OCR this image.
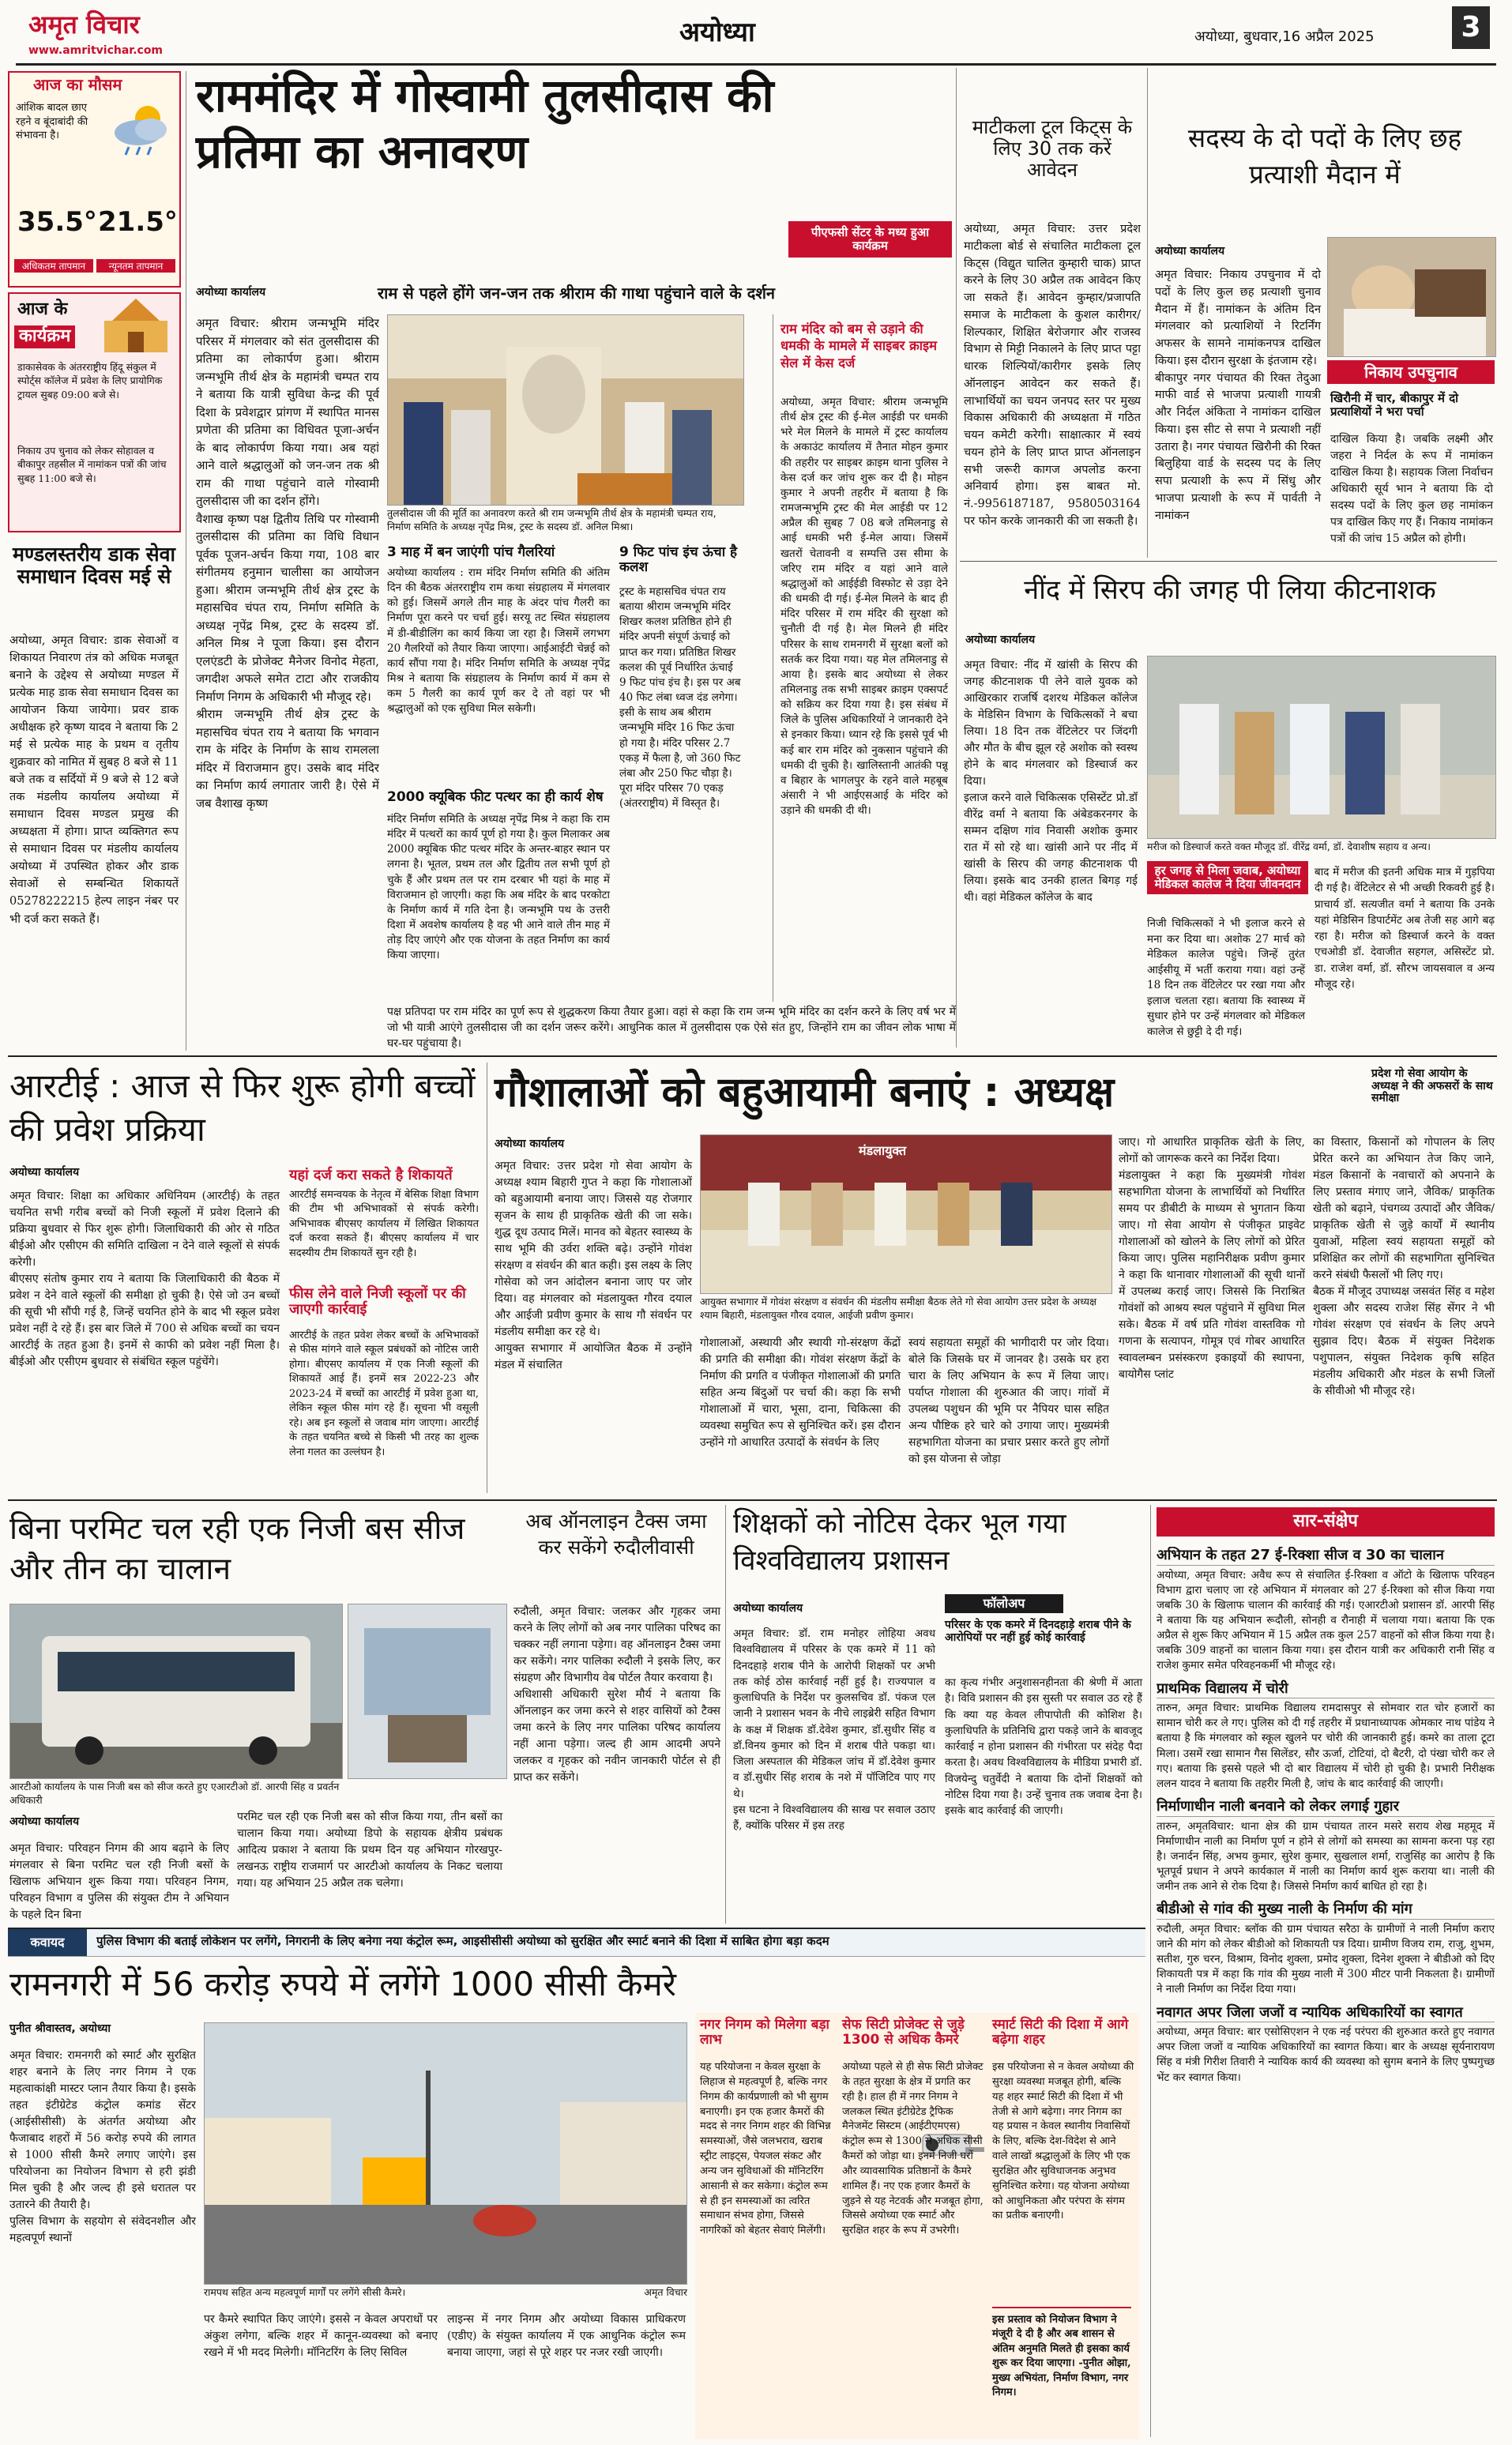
अमृत विचार
www.amritvichar.com
अयोध्या	अयोध्या, बुधवार,16 अप्रैल 2025	3
आज का मौसम
आंशिक बादल छाए रहने व बूंदाबांदी की संभावना है।
35.5° 21.5°
अधिकतम तापमान	न्यूनतम तापमान
आज के
कार्यक्रम
डाकासेवक के अंतरराष्ट्रीय हिंदू संकुल में स्पोर्ट्स कॉलेज में प्रवेश के लिए प्रायोगिक ट्रायल सुबह 09:00 बजे से।
निकाय उप चुनाव को लेकर सोहावल व बीकापुर तहसील में नामांकन पत्रों की जांच सुबह 11:00 बजे से।
मण्डलस्तरीय डाक सेवा समाधान दिवस मई से
अयोध्या, अमृत विचार: डाक सेवाओं व शिकायत निवारण तंत्र को अधिक मजबूत बनाने के उद्देश्य से अयोध्या मण्डल में प्रत्येक माह डाक सेवा समाधान दिवस का आयोजन किया जायेगा। प्रवर डाक अधीक्षक हरे कृष्ण यादव ने बताया कि 2 मई से प्रत्येक माह के प्रथम व तृतीय शुक्रवार को नामित में सुबह 8 बजे से 11 बजे तक व सर्दियों में 9 बजे से 12 बजे तक मंडलीय कार्यालय अयोध्या में समाधान दिवस मण्डल प्रमुख की अध्यक्षता में होगा। प्राप्त व्यक्तिगत रूप से समाधान दिवस पर मंडलीय कार्यालय अयोध्या में उपस्थित होकर और डाक सेवाओं से सम्बन्धित शिकायतें 05278222215 हेल्प लाइन नंबर पर भी दर्ज करा सकते हैं।
राममंदिर में गोस्वामी तुलसीदास की प्रतिमा का अनावरण
पीएफसी सेंटर के मध्य हुआ कार्यक्रम
अयोध्या कार्यालय	राम से पहले होंगे जन-जन तक श्रीराम की गाथा पहुंचाने वाले के दर्शन
अमृत विचार: श्रीराम जन्मभूमि मंदिर परिसर में मंगलवार को संत तुलसीदास की प्रतिमा का लोकार्पण हुआ। श्रीराम जन्मभूमि तीर्थ क्षेत्र के महामंत्री चम्पत राय ने बताया कि यात्री सुविधा केन्द्र की पूर्व दिशा के प्रवेशद्वार प्रांगण में स्थापित मानस प्रणेता की प्रतिमा का विधिवत पूजा-अर्चन के बाद लोकार्पण किया गया। अब यहां आने वाले श्रद्धालुओं को जन-जन तक श्री राम की गाथा पहुंचाने वाले गोस्वामी तुलसीदास जी का दर्शन होंगे।
वैशाख कृष्ण पक्ष द्वितीय तिथि पर गोस्वामी तुलसीदास की प्रतिमा का विधि विधान पूर्वक पूजन-अर्चन किया गया, 108 बार संगीतमय हनुमान चालीसा का आयोजन हुआ। श्रीराम जन्मभूमि तीर्थ क्षेत्र ट्रस्ट के महासचिव चंपत राय, निर्माण समिति के अध्यक्ष नृपेंद्र मिश्र, ट्रस्ट के सदस्य डॉ. अनिल मिश्र ने पूजा किया। इस दौरान एलएंडटी के प्रोजेक्ट मैनेजर विनोद मेहता, जगदीश अफले समेत टाटा और राजकीय निर्माण निगम के अधिकारी भी मौजूद रहे।
श्रीराम जन्मभूमि तीर्थ क्षेत्र ट्रस्ट के महासचिव चंपत राय ने बताया कि भगवान राम के मंदिर के निर्माण के साथ रामलला मंदिर में विराजमान हुए। उसके बाद मंदिर का निर्माण कार्य लगातार जारी है। ऐसे में जब वैशाख कृष्ण
तुलसीदास जी की मूर्ति का अनावरण करते श्री राम जन्मभूमि तीर्थ क्षेत्र के महामंत्री चम्पत राय, निर्माण समिति के अध्यक्ष नृपेंद्र मिश्र, ट्रस्ट के सदस्य डॉ. अनिल मिश्रा।
3 माह में बन जाएंगी पांच गैलरियां
अयोध्या कार्यालय : राम मंदिर निर्माण समिति की अंतिम दिन की बैठक अंतरराष्ट्रीय राम कथा संग्रहालय में मंगलवार को हुई। जिसमें अगले तीन माह के अंदर पांच गैलरी का निर्माण पूरा करने पर चर्चा हुई। सरयू तट स्थित संग्रहालय में डी-बीडीलिंग का कार्य किया जा रहा है। जिसमें लगभग 20 गैलरियों को तैयार किया जाएगा। आईआईटी चेन्नई को कार्य सौंपा गया है। मंदिर निर्माण समिति के अध्यक्ष नृपेंद्र मिश्र ने बताया कि संग्रहालय के निर्माण कार्य में कम से कम 5 गैलरी का कार्य पूर्ण कर दे तो वहां पर भी श्रद्धालुओं को एक सुविधा मिल सकेगी।
2000 क्यूबिक फीट पत्थर का ही कार्य शेष
मंदिर निर्माण समिति के अध्यक्ष नृपेंद्र मिश्र ने कहा कि राम मंदिर में पत्थरों का कार्य पूर्ण हो गया है। कुल मिलाकर अब 2000 क्यूबिक फीट पत्थर मंदिर के अन्तर-बाहर स्थान पर लगना है। भूतल, प्रथम तल और द्वितीय तल सभी पूर्ण हो चुके हैं और प्रथम तल पर राम दरबार भी यहां के माह में विराजमान हो जाएगी। कहा कि अब मंदिर के बाद परकोटा के निर्माण कार्य में गति देना है। जन्मभूमि पथ के उत्तरी दिशा में अवशेष कार्यालय है वह भी आने वाले तीन माह में तोड़ दिए जाएंगे और एक योजना के तहत निर्माण का कार्य किया जाएगा।
9 फिट पांच इंच ऊंचा है कलश
ट्रस्ट के महासचिव चंपत राय बताया श्रीराम जन्मभूमि मंदिर शिखर कलश प्रतिष्ठित होने ही मंदिर अपनी संपूर्ण ऊंचाई को प्राप्त कर गया। प्रतिष्ठित शिखर कलश की पूर्व निर्धारित ऊंचाई 9 फिट पांच इंच है। इस पर अब 40 फिट लंबा ध्वज दंड लगेगा। इसी के साथ अब श्रीराम जन्मभूमि मंदिर 16 फिट ऊंचा हो गया है। मंदिर परिसर 2.7 एकड़ में फैला है, जो 360 फिट लंबा और 250 फिट चौड़ा है। पूरा मंदिर परिसर 70 एकड़ (अंतरराष्ट्रीय) में विस्तृत है।
पक्ष प्रतिपदा पर राम मंदिर का पूर्ण रूप से शुद्धकरण किया तैयार हुआ। वहां से कहा कि राम जन्म भूमि मंदिर का दर्शन करने के लिए वर्ष भर में जो भी यात्री आएंगे तुलसीदास जी का दर्शन जरूर करेंगे। आधुनिक काल में तुलसीदास एक ऐसे संत हुए, जिन्होंने राम का जीवन लोक भाषा में घर-घर पहुंचाया है।
राम मंदिर को बम से उड़ाने की धमकी के मामले में साइबर क्राइम सेल में केस दर्ज
अयोध्या, अमृत विचार: श्रीराम जन्मभूमि तीर्थ क्षेत्र ट्रस्ट की ई-मेल आईडी पर धमकी भरे मेल मिलने के मामले में ट्रस्ट कार्यालय के अकाउंट कार्यालय में तैनात मोहन कुमार की तहरीर पर साइबर क्राइम थाना पुलिस ने केस दर्ज कर जांच शुरू कर दी है। मोहन कुमार ने अपनी तहरीर में बताया है कि रामजन्मभूमि ट्रस्ट की मेल आईडी पर 12 अप्रैल की सुबह 7 08 बजे तमिलनाडु से आई धमकी भरी ई-मेल आया। जिसमें खतरों चेतावनी व सम्पत्ति उस सीमा के जरिए राम मंदिर व यहां आने वाले श्रद्धालुओं को आईईडी विस्फोट से उड़ा देने की धमकी दी गई। ई-मेल मिलने के बाद ही मंदिर परिसर में राम मंदिर की सुरक्षा को चुनौती दी गई है। मेल मिलने ही मंदिर परिसर के साथ रामनगरी में सुरक्षा बलों को सतर्क कर दिया गया। यह मेल तमिलनाडु से आया है। इसके बाद अयोध्या से लेकर तमिलनाडु तक सभी साइबर क्राइम एक्सपर्ट को सक्रिय कर दिया गया है। इस संबंध में जिले के पुलिस अधिकारियों ने जानकारी देने से इनकार किया। ध्यान रहे कि इससे पूर्व भी कई बार राम मंदिर को नुकसान पहुंचाने की धमकी दी चुकी है। खालिस्तानी आतंकी पन्नू व बिहार के भागलपुर के रहने वाले महबूब अंसारी ने भी आईएसआई के मंदिर को उड़ाने की धमकी दी थी।
माटीकला टूल किट्स के लिए 30 तक करें आवेदन
अयोध्या, अमृत विचार: उत्तर प्रदेश माटीकला बोर्ड से संचालित माटीकला टूल किट्स (विद्युत चालित कुम्हारी चाक) प्राप्त करने के लिए 30 अप्रैल तक आवेदन किए जा सकते हैं। आवेदन कुम्हार/प्रजापति समाज के माटीकला के कुशल कारीगर/शिल्पकार, शिक्षित बेरोजगार और राजस्व विभाग से मिट्टी निकालने के लिए प्राप्त पट्टा धारक शिल्पियों/कारीगर इसके लिए ऑनलाइन आवेदन कर सकते हैं। लाभार्थियों का चयन जनपद स्तर पर मुख्य विकास अधिकारी की अध्यक्षता में गठित चयन कमेटी करेगी। साक्षात्कार में स्वयं चयन होने के लिए प्राप्त प्राप्त ऑनलाइन सभी जरूरी कागज अपलोड करना अनिवार्य होगा। इस बाबत मो. नं.-9956187187, 9580503164 पर फोन करके जानकारी की जा सकती है।
सदस्य के दो पदों के लिए छह प्रत्याशी मैदान में
अयोध्या कार्यालय
अमृत विचार: निकाय उपचुनाव में दो पदों के लिए कुल छह प्रत्याशी चुनाव मैदान में हैं। नामांकन के अंतिम दिन मंगलवार को प्रत्याशियों ने रिटर्निंग अफसर के सामने नामांकनपत्र दाखिल किया। इस दौरान सुरक्षा के इंतजाम रहे।
बीकापुर नगर पंचायत की रिक्त तेदुआ माफी वार्ड से भाजपा प्रत्याशी गायत्री और निर्दल अंकिता ने नामांकन दाखिल किया। इस सीट से सपा ने प्रत्याशी नहीं उतारा है। नगर पंचायत खिरौनी की रिक्त बिलुहिया वार्ड के सदस्य पद के लिए सपा प्रत्याशी के रूप में सिंधु और भाजपा प्रत्याशी के रूप में पार्वती ने नामांकन
निकाय उपचुनाव
खिरौनी में चार, बीकापुर में दो प्रत्याशियों ने भरा पर्चा
दाखिल किया है। जबकि लक्ष्मी और जहरा ने निर्दल के रूप में नामांकन दाखिल किया है। सहायक जिला निर्वाचन अधिकारी सूर्य भान ने बताया कि दो सदस्य पदों के लिए कुल छह नामांकन पत्र दाखिल किए गए हैं। निकाय नामांकन पत्रों की जांच 15 अप्रैल को होगी।
नींद में सिरप की जगह पी लिया कीटनाशक
अयोध्या कार्यालय
अमृत विचार: नींद में खांसी के सिरप की जगह कीटनाशक पी लेने वाले युवक को आखिरकार राजर्षि दशरथ मेडिकल कॉलेज के मेडिसिन विभाग के चिकित्सकों ने बचा लिया। 18 दिन तक वेंटिलेटर पर जिंदगी और मौत के बीच झूल रहे अशोक को स्वस्थ होने के बाद मंगलवार को डिस्चार्ज कर दिया।
इलाज करने वाले चिकित्सक एसिस्टेंट प्रो.डॉ वीरेंद्र वर्मा ने बताया कि अंबेडकरनगर के सम्मन दक्षिण गांव निवासी अशोक कुमार रात में सो रहे था। खांसी आने पर नींद में खांसी के सिरप की जगह कीटनाशक पी लिया। इसके बाद उनकी हालत बिगड़ गई थी। वहां मेडिकल कॉलेज के बाद
मरीज को डिस्चार्ज करते वक्त मौजूद डॉ. वीरेंद्र वर्मा, डॉ. देवाशीष सहाय व अन्य।
हर जगह से मिला जवाब, अयोध्या मेडिकल कालेज ने दिया जीवनदान
निजी चिकित्सकों ने भी इलाज करने से मना कर दिया था। अशोक 27 मार्च को मेडिकल कालेज पहुंचे। जिन्हें तुरंत आईसीयू में भर्ती कराया गया। वहां उन्हें 18 दिन तक वेंटिलेटर पर रखा गया और इलाज चलता रहा। बताया कि स्वास्थ्य में सुधार होने पर उन्हें मंगलवार को मेडिकल कालेज से छुट्टी दे दी गई।
बाद में मरीज की इतनी अधिक मात्र में गुड़पिया दी गई है। वेंटिलेटर से भी अच्छी रिकवरी हुई है। प्राचार्य डॉ. सत्यजीत वर्मा ने बताया कि उनके यहां मेडिसिन डिपार्टमेंट अब तेजी सह आगे बढ़ रहा है। मरीज को डिस्चार्ज करने के वक्त एचओडी डॉ. देवाजीत सहगल, असिस्टेंट प्रो. डा. राजेश वर्मा, डॉ. सौरभ जायसवाल व अन्य मौजूद रहे।
आरटीई : आज से फिर शुरू होगी बच्चों की प्रवेश प्रक्रिया
अयोध्या कार्यालय
अमृत विचार: शिक्षा का अधिकार अधिनियम (आरटीई) के तहत चयनित सभी गरीब बच्चों को निजी स्कूलों में प्रवेश दिलाने की प्रक्रिया बुधवार से फिर शुरू होगी। जिलाधिकारी की ओर से गठित बीईओ और एसीएम की समिति दाखिला न देने वाले स्कूलों से संपर्क करेगी।
बीएसए संतोष कुमार राय ने बताया कि जिलाधिकारी की बैठक में प्रवेश न देने वाले स्कूलों की समीक्षा हो चुकी है। ऐसे जो उन बच्चों की सूची भी सौंपी गई है, जिन्हें चयनित होने के बाद भी स्कूल प्रवेश प्रवेश नहीं दे रहे हैं। इस बार जिले में 700 से अधिक बच्चों का चयन आरटीई के तहत हुआ है। इनमें से काफी को प्रवेश नहीं मिला है। बीईओ और एसीएम बुधवार से संबंधित स्कूल पहुंचेंगे।
यहां दर्ज करा सकते है शिकायतें
आरटीई समन्वयक के नेतृत्व में बेसिक शिक्षा विभाग की टीम भी अभिभावकों से संपर्क करेगी। अभिभावक बीएसए कार्यालय में लिखित शिकायत दर्ज करवा सकते हैं। बीएसए कार्यालय में चार सदस्यीय टीम शिकायतें सुन रही है।
फीस लेने वाले निजी स्कूलों पर की जाएगी कार्रवाई
आरटीई के तहत प्रवेश लेकर बच्चों के अभिभावकों से फीस मांगने वाले स्कूल प्रबंधकों को नोटिस जारी होगा। बीएसए कार्यालय में एक निजी स्कूलों की शिकायतें आई हैं। इनमें सत्र 2022-23 और 2023-24 में बच्चों का आरटीई में प्रवेश हुआ था, लेकिन स्कूल फीस मांग रहे हैं। सूचना भी वसूली रहे। अब इन स्कूलों से जवाब मांग जाएगा। आरटीई के तहत चयनित बच्चे से किसी भी तरह का शुल्क लेना गलत का उल्लंघन है।
गौशालाओं को बहुआयामी बनाएं : अध्यक्ष	प्रदेश गो सेवा आयोग के अध्यक्ष ने की अफसरों के साथ समीक्षा
अयोध्या कार्यालय
अमृत विचार: उत्तर प्रदेश गो सेवा आयोग के अध्यक्ष श्याम बिहारी गुप्त ने कहा कि गोशालाओं को बहुआयामी बनाया जाए। जिससे यह रोजगार सृजन के साथ ही प्राकृतिक खेती की जा सके। शुद्ध दूध उत्पाद मिलें। मानव को बेहतर स्वास्थ्य के साथ भूमि की उर्वरा शक्ति बढ़े। उन्होंने गोवंश संरक्षण व संवर्धन की बात कही। इस लक्ष्य के लिए गोसेवा को जन आंदोलन बनाना जाए पर जोर दिया। वह मंगलवार को मंडलायुक्त गौरव दयाल और आईजी प्रवीण कुमार के साथ गौ संवर्धन पर मंडलीय समीक्षा कर रहे थे।
आयुक्त सभागार में आयोजित बैठक में उन्होंने मंडल में संचालित
मंडलायुक्त
आयुक्त सभागार में गोवंश संरक्षण व संवर्धन की मंडलीय समीक्षा बैठक लेते गो सेवा आयोग उत्तर प्रदेश के अध्यक्ष श्याम बिहारी, मंडलायुक्त गौरव दयाल, आईजी प्रवीण कुमार।
गोशालाओं, अस्थायी और स्थायी गो-संरक्षण केंद्रों की प्रगति की समीक्षा की। गोवंश संरक्षण केंद्रों के निर्माण की प्रगति व पंजीकृत गोशालाओं की प्रगति सहित अन्य बिंदुओं पर चर्चा की। कहा कि सभी गोशालाओं में चारा, भूसा, दाना, चिकित्सा की व्यवस्था समुचित रूप से सुनिश्चित करें। इस दौरान उन्होंने गो आधारित उत्पादों के संवर्धन के लिए
स्वयं सहायता समूहों की भागीदारी पर जोर दिया। बोले कि जिसके घर में जानवर है। उसके घर हरा चारा के लिए अभियान के रूप में लिया जाए। पर्याप्त गोशाला की शुरुआत की जाए। गांवों में उपलब्ध पशुधन की भूमि पर नैपियर घास सहित अन्य पौष्टिक हरे चारे को उगाया जाए। मुख्यमंत्री सहभागिता योजना का प्रचार प्रसार करते हुए लोगों को इस योजना से जोड़ा
जाए। गो आधारित प्राकृतिक खेती के लिए, लोगों को जागरूक करने का निर्देश दिया।
मंडलायुक्त ने कहा कि मुख्यमंत्री गोवंश सहभागिता योजना के लाभार्थियों को निर्धारित समय पर डीबीटी के माध्यम से भुगतान किया जाए। गो सेवा आयोग से पंजीकृत प्राइवेट गोशालाओं को खोलने के लिए लोगों को प्रेरित किया जाए। पुलिस महानिरीक्षक प्रवीण कुमार ने कहा कि थानावार गोशालाओं की सूची थानों में उपलब्ध कराई जाए। जिससे कि निराश्रित गोवंशों को आश्रय स्थल पहुंचाने में सुविधा मिल सके। बैठक में वर्ष प्रति गोवंश वास्तविक गो गणना के सत्यापन, गोमूत्र एवं गोबर आधारित स्वावलम्बन प्रसंस्करण इकाइयों की स्थापना, बायोगैस प्लांट
का विस्तार, किसानों को गोपालन के लिए प्रेरित करने का अभियान तेज किए जाने, मंडल किसानों के नवाचारों को अपनाने के लिए प्रस्ताव मंगाए जाने, जैविक/ प्राकृतिक खेती को बढ़ाने, पंचगव्य उत्पादों और जैविक/प्राकृतिक खेती से जुड़े कार्यों में स्थानीय युवाओं, महिला स्वयं सहायता समूहों को प्रशिक्षित कर लोगों की सहभागिता सुनिश्चित करने संबंधी फैसलों भी लिए गए।
बैठक में मौजूद उपाध्यक्ष जसवंत सिंह व महेश शुक्ला और सदस्य राजेश सिंह सेंगर ने भी गोवंश संरक्षण एवं संवर्धन के लिए अपने सुझाव दिए। बैठक में संयुक्त निदेशक पशुपालन, संयुक्त निदेशक कृषि सहित मंडलीय अधिकारी और मंडल के सभी जिलों के सीवीओ भी मौजूद रहे।
बिना परमिट चल रही एक निजी बस सीज और तीन का चालान
आरटीओ कार्यालय के पास निजी बस को सीज करते हुए एआरटीओ डॉ. आरपी सिंह व प्रवर्तन अधिकारी
अयोध्या कार्यालय
अमृत विचार: परिवहन निगम की आय बढ़ाने के लिए मंगलवार से बिना परमिट चल रही निजी बसों के खिलाफ अभियान शुरू किया गया। परिवहन निगम, परिवहन विभाग व पुलिस की संयुक्त टीम ने अभियान के पहले दिन बिना
परमिट चल रही एक निजी बस को सीज किया गया, तीन बसों का चालान किया गया। अयोध्या डिपो के सहायक क्षेत्रीय प्रबंधक आदित्य प्रकाश ने बताया कि प्रथम दिन यह अभियान गोरखपुर-लखनऊ राष्ट्रीय राजमार्ग पर आरटीओ कार्यालय के निकट चलाया गया। यह अभियान 25 अप्रैल तक चलेगा।
अब ऑनलाइन टैक्स जमा कर सकेंगे रुदौलीवासी
रुदौली, अमृत विचार: जलकर और गृहकर जमा करने के लिए लोगों को अब नगर पालिका परिषद का चक्कर नहीं लगाना पड़ेगा। वह ऑनलाइन टैक्स जमा कर सकेंगे। नगर पालिका रुदौली ने इसके लिए, कर संग्रहण और विभागीय वेब पोर्टल तैयार करवाया है।
अधिशासी अधिकारी सुरेश मौर्य ने बताया कि ऑनलाइन कर जमा करने से शहर वासियों को टैक्स जमा करने के लिए नगर पालिका परिषद कार्यालय नहीं आना पड़ेगा। जल्द ही आम आदमी अपने जलकर व गृहकर को नवीन जानकारी पोर्टल से ही प्राप्त कर सकेंगे।
शिक्षकों को नोटिस देकर भूल गया विश्वविद्यालय प्रशासन
अयोध्या कार्यालय	फॉलोअप
परिसर के एक कमरे में दिनदहाड़े शराब पीने के आरोपियों पर नहीं हुई कोई कार्रवाई
अमृत विचार: डॉ. राम मनोहर लोहिया अवध विश्वविद्यालय में परिसर के एक कमरे में 11 को दिनदहाड़े शराब पीने के आरोपी शिक्षकों पर अभी तक कोई ठोस कार्रवाई नहीं हुई है। राज्यपाल व कुलाधिपति के निर्देश पर कुलसचिव डॉ. पंकज एल जानी ने प्रशासन भवन के नीचे लाइब्रेरी सहित विभाग के कक्ष में शिक्षक डॉ.देवेश कुमार, डॉ.सुधीर सिंह व डॉ.विनय कुमार को दिन में शराब पीते पकड़ा था। जिला अस्पताल की मेडिकल जांच में डॉ.देवेश कुमार व डॉ.सुधीर सिंह शराब के नशे में पॉजिटिव पाए गए थे।
इस घटना ने विश्वविद्यालय की साख पर सवाल उठाए हैं, क्योंकि परिसर में इस तरह
का कृत्य गंभीर अनुशासनहीनता की श्रेणी में आता है। विवि प्रशासन की इस सुस्ती पर सवाल उठ रहे हैं कि क्या यह केवल लीपापोती की कोशिश है। कुलाधिपति के प्रतिनिधि द्वारा पकड़े जाने के बावजूद कार्रवाई न होना प्रशासन की गंभीरता पर संदेह पैदा करता है। अवध विश्वविद्यालय के मीडिया प्रभारी डॉ. विजयेन्दु चतुर्वेदी ने बताया कि दोनों शिक्षकों को नोटिस दिया गया है। उन्हें चुनाव तक जवाब देना है। इसके बाद कार्रवाई की जाएगी।
सार-संक्षेप
अभियान के तहत 27 ई-रिक्शा सीज व 30 का चालान
अयोध्या, अमृत विचार: अवैध रूप से संचालित ई-रिक्शा व ऑटो के खिलाफ परिवहन विभाग द्वारा चलाए जा रहे अभियान में मंगलवार को 27 ई-रिक्शा को सीज किया गया जबकि 30 के खिलाफ चालान की कार्रवाई की गई। एआरटीओ प्रशासन डॉ. आरपी सिंह ने बताया कि यह अभियान रूदौली, सोनही व रौनाही में चलाया गया। बताया कि एक अप्रैल से शुरू किए अभियान में 15 अप्रैल तक कुल 257 वाहनों को सीज किया गया है। जबकि 309 वाहनों का चालान किया गया। इस दौरान यात्री कर अधिकारी रानी सिंह व राजेश कुमार समेत परिवहनकर्मी भी मौजूद रहे।
प्राथमिक विद्यालय में चोरी
तारुन, अमृत विचार: प्राथमिक विद्यालय रामदासपुर से सोमवार रात चोर हजारों का सामान चोरी कर ले गए। पुलिस को दी गई तहरीर में प्रधानाध्यापक ओमकार नाथ पांडेय ने बताया है कि मंगलवार को स्कूल खुलने पर चोरी की जानकारी हुई। कमरे का ताला टूटा मिला। उसमें रखा सामान गैस सिलेंडर, सौर ऊर्जा, टोटियां, दो बैटरी, दो पंखा चोरी कर ले गए। बताया कि इससे पहले भी दो बार विद्यालय में चोरी हो चुकी है। प्रभारी निरीक्षक ललन यादव ने बताया कि तहरीर मिली है, जांच के बाद कार्रवाई की जाएगी।
निर्माणाधीन नाली बनवाने को लेकर लगाई गुहार
तारुन, अमृतविचार: थाना क्षेत्र की ग्राम पंचायत तारन मसरे सराय शेख महमूद में निर्माणाधीन नाली का निर्माण पूर्ण न होने से लोगों को समस्या का सामना करना पड़ रहा है। जनार्दन सिंह, अभय कुमार, सुरेश कुमार, सुखलाल शर्मा, राजुसिंह का आरोप है कि भूतपूर्व प्रधान ने अपने कार्यकाल में नाली का निर्माण कार्य शुरू कराया था। नाली की जमीन तक आने से रोक दिया है। जिससे निर्माण कार्य बाधित हो रहा है।
बीडीओ से गांव की मुख्य नाली के निर्माण की मांग
रुदौली, अमृत विचार: ब्लॉक की ग्राम पंचायत सरैठा के ग्रामीणों ने नाली निर्माण कराए जाने की मांग को लेकर बीडीओ को शिकायती पत्र दिया। ग्रामीण विजय राम, राजु, शुभम, सतीश, गुरु चरन, विश्राम, विनोद शुक्ला, प्रमोद शुक्ला, दिनेश शुक्ला ने बीडीओ को दिए शिकायती पत्र में कहा कि गांव की मुख्य नाली में 300 मीटर पानी निकलता है। ग्रामीणों ने नाली निर्माण का निर्देश दिया गया।
नवागत अपर जिला जजों व न्यायिक अधिकारियों का स्वागत
अयोध्या, अमृत विचार: बार एसोसिएशन ने एक नई परंपरा की शुरुआत करते हुए नवागत अपर जिला जजों व न्यायिक अधिकारियों का स्वागत किया। बार के अध्यक्ष सूर्यनारायण सिंह व मंत्री गिरीश तिवारी ने न्यायिक कार्य की व्यवस्था को सुगम बनाने के लिए पुष्पगुच्छ भेंट कर स्वागत किया।
कवायद	पुलिस विभाग की बताई लोकेशन पर लगेंगे, निगरानी के लिए बनेगा नया कंट्रोल रूम, आइसीसीसी अयोध्या को सुरक्षित और स्मार्ट बनाने की दिशा में साबित होगा बड़ा कदम
रामनगरी में 56 करोड़ रुपये में लगेंगे 1000 सीसी कैमरे
पुनीत श्रीवास्तव, अयोध्या
अमृत विचार: रामनगरी को स्मार्ट और सुरक्षित शहर बनाने के लिए नगर निगम ने एक महत्वाकांक्षी मास्टर प्लान तैयार किया है। इसके तहत इंटीग्रेटेड कंट्रोल कमांड सेंटर (आईसीसीसी) के अंतर्गत अयोध्या और फैजाबाद शहरों में 56 करोड़ रुपये की लागत से 1000 सीसी कैमरे लगाए जाएंगे। इस परियोजना का नियोजन विभाग से हरी झंडी मिल चुकी है और जल्द ही इसे धरातल पर उतारने की तैयारी है।
पुलिस विभाग के सहयोग से संवेदनशील और महत्वपूर्ण स्थानों
रामपथ सहित अन्य महत्वपूर्ण मार्गों पर लगेंगे सीसी कैमरे।	अमृत विचार
पर कैमरे स्थापित किए जाएंगे। इससे न केवल अपराधों पर अंकुश लगेगा, बल्कि शहर में कानून-व्यवस्था को बनाए रखने में भी मदद मिलेगी। मॉनिटरिंग के लिए सिविल
लाइन्स में नगर निगम और अयोध्या विकास प्राधिकरण (एडीए) के संयुक्त कार्यालय में एक आधुनिक कंट्रोल रूम बनाया जाएगा, जहां से पूरे शहर पर नजर रखी जाएगी।
नगर निगम को मिलेगा बड़ा लाभ
यह परियोजना न केवल सुरक्षा के लिहाज से महत्वपूर्ण है, बल्कि नगर निगम की कार्यप्रणाली को भी सुगम बनाएगी। इन एक हजार कैमरों की मदद से नगर निगम शहर की विभिन्न समस्याओं, जैसे जलभराव, खराब स्ट्रीट लाइट्स, पेयजल संकट और अन्य जन सुविधाओं की मॉनिटरिंग आसानी से कर सकेगा। कंट्रोल रूम से ही इन समस्याओं का त्वरित समाधान संभव होगा, जिससे नागरिकों को बेहतर सेवाएं मिलेंगी।
सेफ सिटी प्रोजेक्ट से जुड़े 1300 से अधिक कैमरे
अयोध्या पहले से ही सेफ सिटी प्रोजेक्ट के तहत सुरक्षा के क्षेत्र में प्रगति कर रही है। हाल ही में नगर निगम ने जलकल स्थित इंटीग्रेटेड ट्रैफिक मैनेजमेंट सिस्टम (आईटीएमएस) कंट्रोल रूम से 1300 से अधिक सीसी कैमरों को जोड़ा था। इनमें निजी घरों और व्यावसायिक प्रतिष्ठानों के कैमरे शामिल हैं। नए एक हजार कैमरों के जुड़ने से यह नेटवर्क और मजबूत होगा, जिससे अयोध्या एक स्मार्ट और सुरक्षित शहर के रूप में उभरेगी।
स्मार्ट सिटी की दिशा में आगे बढ़ेगा शहर
इस परियोजना से न केवल अयोध्या की सुरक्षा व्यवस्था मजबूत होगी, बल्कि यह शहर स्मार्ट सिटी की दिशा में भी तेजी से आगे बढ़ेगा। नगर निगम का यह प्रयास न केवल स्थानीय निवासियों के लिए, बल्कि देश-विदेश से आने वाले लाखों श्रद्धालुओं के लिए भी एक सुरक्षित और सुविधाजनक अनुभव सुनिश्चित करेगा। यह योजना अयोध्या को आधुनिकता और परंपरा के संगम का प्रतीक बनाएगी।
इस प्रस्ताव को नियोजन विभाग ने मंजूरी दे दी है और अब शासन से अंतिम अनुमति मिलते ही इसका कार्य शुरू कर दिया जाएगा। -पुनीत ओझा, मुख्य अभियंता, निर्माण विभाग, नगर निगम।
